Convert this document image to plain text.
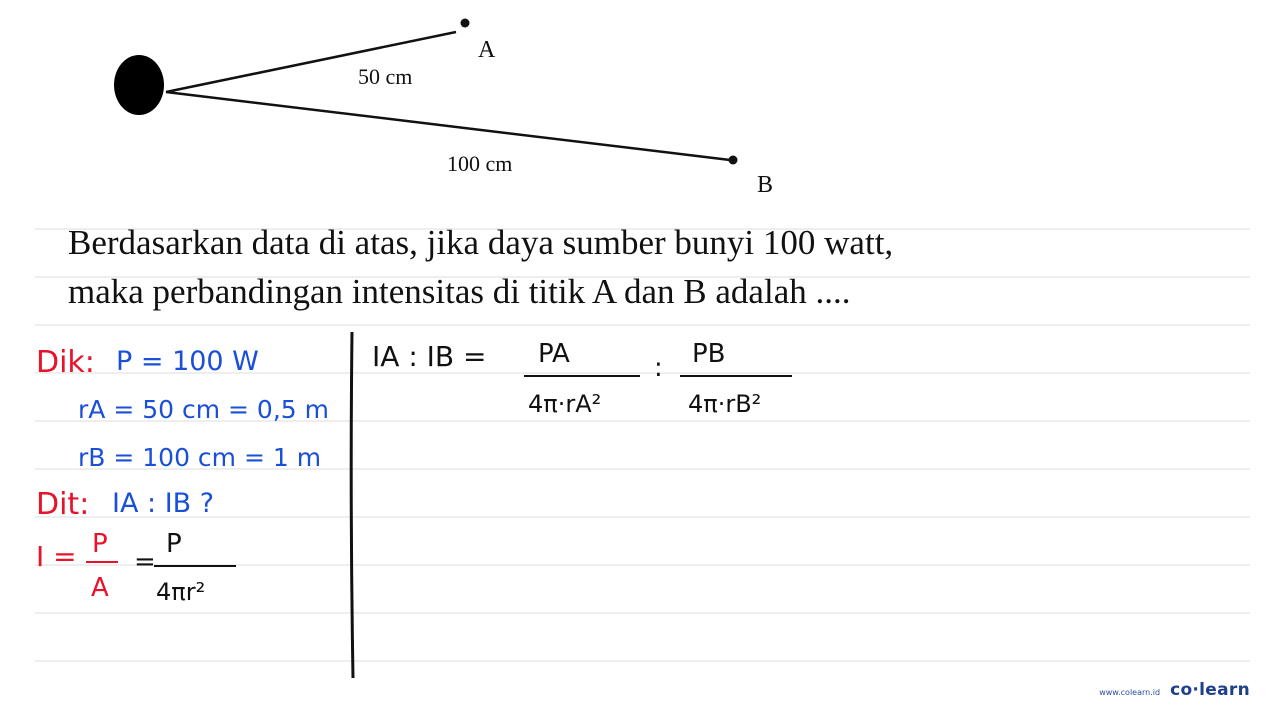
A
B
50 cm
100 cm
Dik: P = 100 W
rA = 50 cm = 0,5 m
rB = 100 cm = 1 m
Dit: IA : IB ?
I = P
A
=
P
4πr²
IA : IB = PA
4π·rA²
: PB
4π·rB²
Berdasarkan data di atas, jika daya sumber bunyi 100 watt,
maka perbandingan intensitas di titik A dan B adalah ....
www.colearn.id co·learn
